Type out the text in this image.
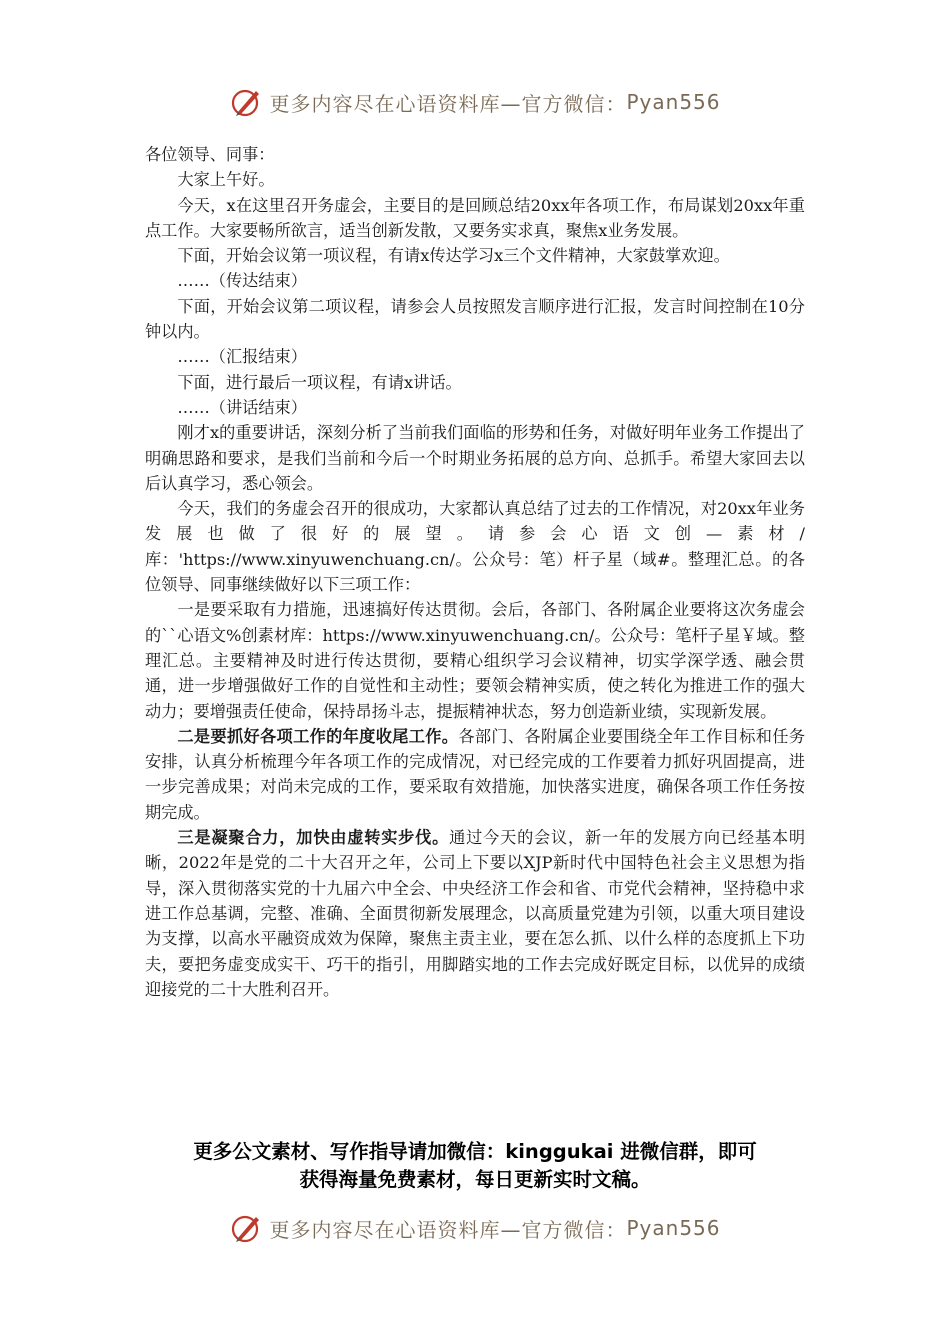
更多内容尽在心语资料库—官方微信： Pyan556

各位领导、同事：

大家上午好。

今天，x在这里召开务虚会，主要目的是回顾总结20xx年各项工作，布局谋划20xx年重点工作。大家要畅所欲言，适当创新发散，又要务实求真，聚焦x业务发展。

下面，开始会议第一项议程，有请x传达学习x三个文件精神，大家鼓掌欢迎。

……（传达结束）

下面，开始会议第二项议程，请参会人员按照发言顺序进行汇报，发言时间控制在10分钟以内。

……（汇报结束）

下面，进行最后一项议程，有请x讲话。

……（讲话结束）

刚才x的重要讲话，深刻分析了当前我们面临的形势和任务，对做好明年业务工作提出了明确思路和要求，是我们当前和今后一个时期业务拓展的总方向、总抓手。希望大家回去以后认真学习，悉心领会。

今天，我们的务虚会召开的很成功，大家都认真总结了过去的工作情况，对20xx年业务发展也做了很好的展望。请参会心语文创—素材/库：'https://www.xinyuwenchuang.cn/。公众号：笔）杆子星（域#。整理汇总。的各位领导、同事继续做好以下三项工作：

一是要采取有力措施，迅速搞好传达贯彻。会后，各部门、各附属企业要将这次务虚会的``心语文%创素材库：https://www.xinyuwenchuang.cn/。公众号：笔杆子星￥域。整理汇总。主要精神及时进行传达贯彻，要精心组织学习会议精神，切实学深学透、融会贯通，进一步增强做好工作的自觉性和主动性；要领会精神实质，使之转化为推进工作的强大动力；要增强责任使命，保持昂扬斗志，提振精神状态，努力创造新业绩，实现新发展。

二是要抓好各项工作的年度收尾工作。各部门、各附属企业要围绕全年工作目标和任务安排，认真分析梳理今年各项工作的完成情况，对已经完成的工作要着力抓好巩固提高，进一步完善成果；对尚未完成的工作，要采取有效措施，加快落实进度，确保各项工作任务按期完成。

三是凝聚合力，加快由虚转实步伐。通过今天的会议，新一年的发展方向已经基本明晰，2022年是党的二十大召开之年，公司上下要以XJP新时代中国特色社会主义思想为指导，深入贯彻落实党的十九届六中全会、中央经济工作会和省、市党代会精神，坚持稳中求进工作总基调，完整、准确、全面贯彻新发展理念，以高质量党建为引领，以重大项目建设为支撑，以高水平融资成效为保障，聚焦主责主业，要在怎么抓、以什么样的态度抓上下功夫，要把务虚变成实干、巧干的指引，用脚踏实地的工作去完成好既定目标，以优异的成绩迎接党的二十大胜利召开。

更多公文素材、写作指导请加微信：kinggukai 进微信群，即可
获得海量免费素材，每日更新实时文稿。
更多内容尽在心语资料库—官方微信： Pyan556
